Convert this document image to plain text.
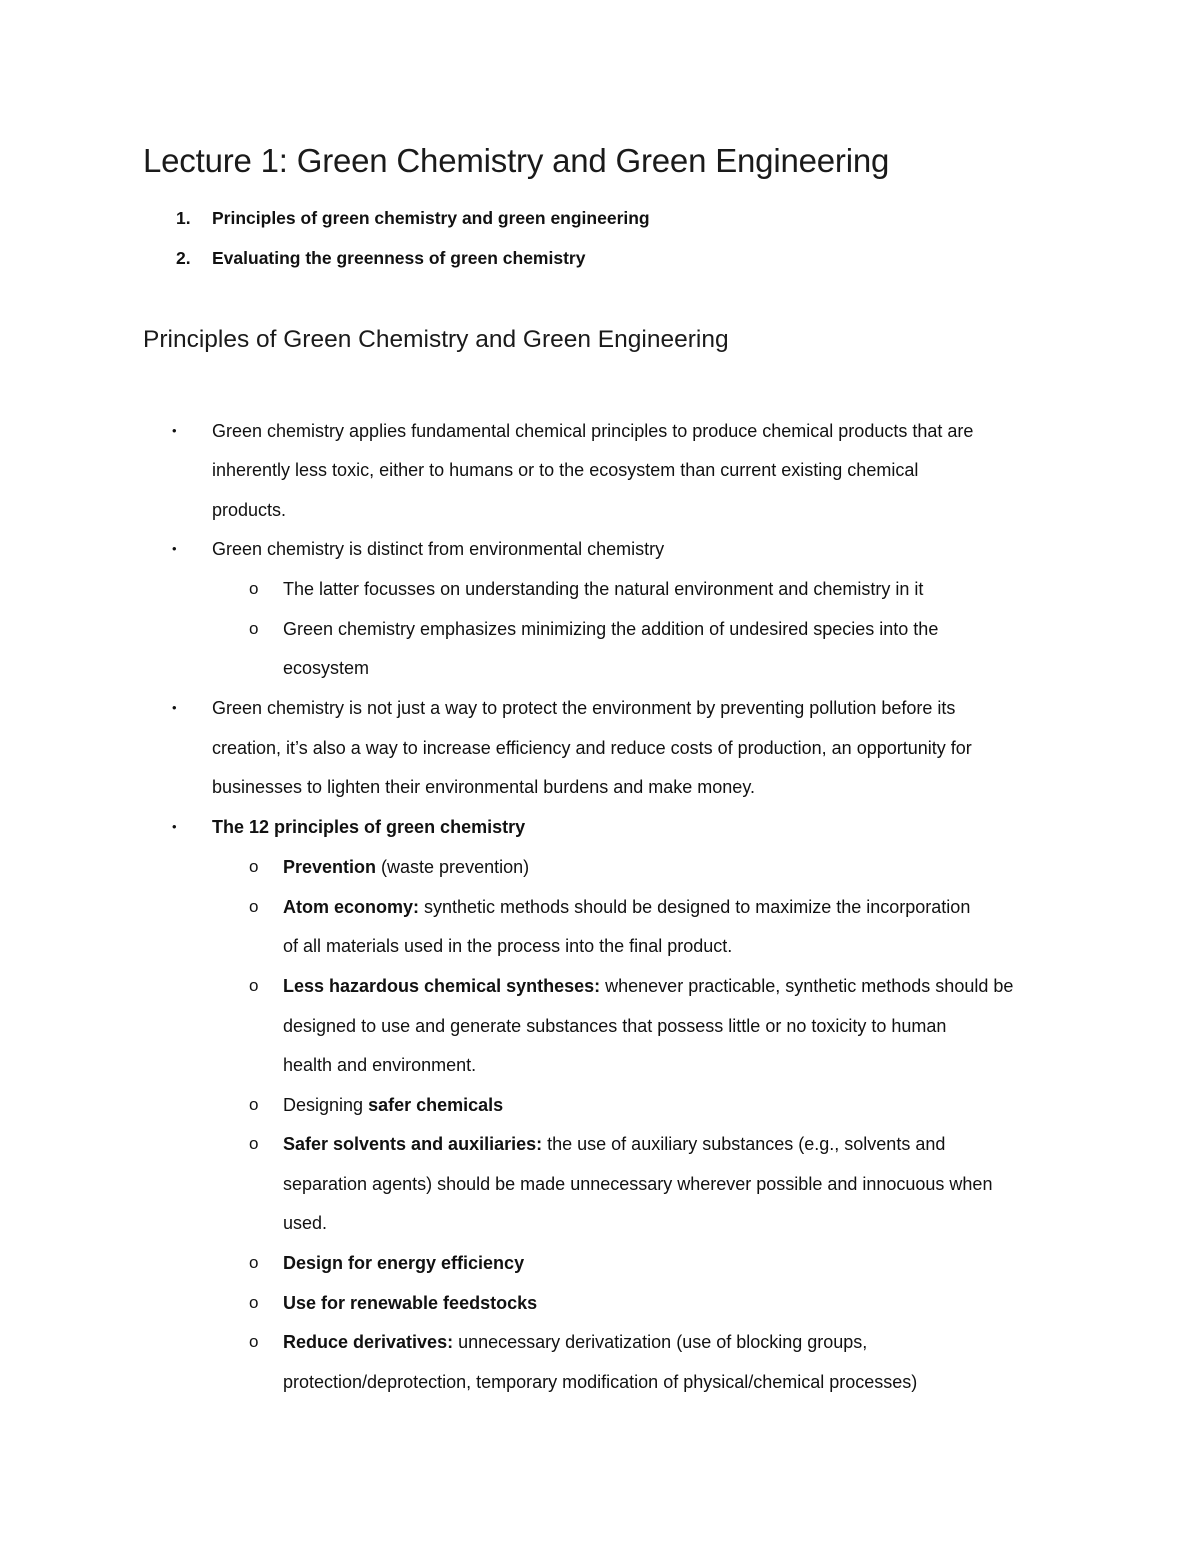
Lecture 1: Green Chemistry and Green Engineering
1. Principles of green chemistry and green engineering
2. Evaluating the greenness of green chemistry
Principles of Green Chemistry and Green Engineering
• Green chemistry applies fundamental chemical principles to produce chemical products that are
inherently less toxic, either to humans or to the ecosystem than current existing chemical
products.
• Green chemistry is distinct from environmental chemistry
o The latter focusses on understanding the natural environment and chemistry in it
o Green chemistry emphasizes minimizing the addition of undesired species into the
ecosystem
• Green chemistry is not just a way to protect the environment by preventing pollution before its
creation, it’s also a way to increase efficiency and reduce costs of production, an opportunity for
businesses to lighten their environmental burdens and make money.
• The 12 principles of green chemistry
o Prevention (waste prevention)
o Atom economy: synthetic methods should be designed to maximize the incorporation
of all materials used in the process into the final product.
o Less hazardous chemical syntheses: whenever practicable, synthetic methods should be
designed to use and generate substances that possess little or no toxicity to human
health and environment.
o Designing safer chemicals
o Safer solvents and auxiliaries: the use of auxiliary substances (e.g., solvents and
separation agents) should be made unnecessary wherever possible and innocuous when
used.
o Design for energy efficiency
o Use for renewable feedstocks
o Reduce derivatives: unnecessary derivatization (use of blocking groups,
protection/deprotection, temporary modification of physical/chemical processes)
